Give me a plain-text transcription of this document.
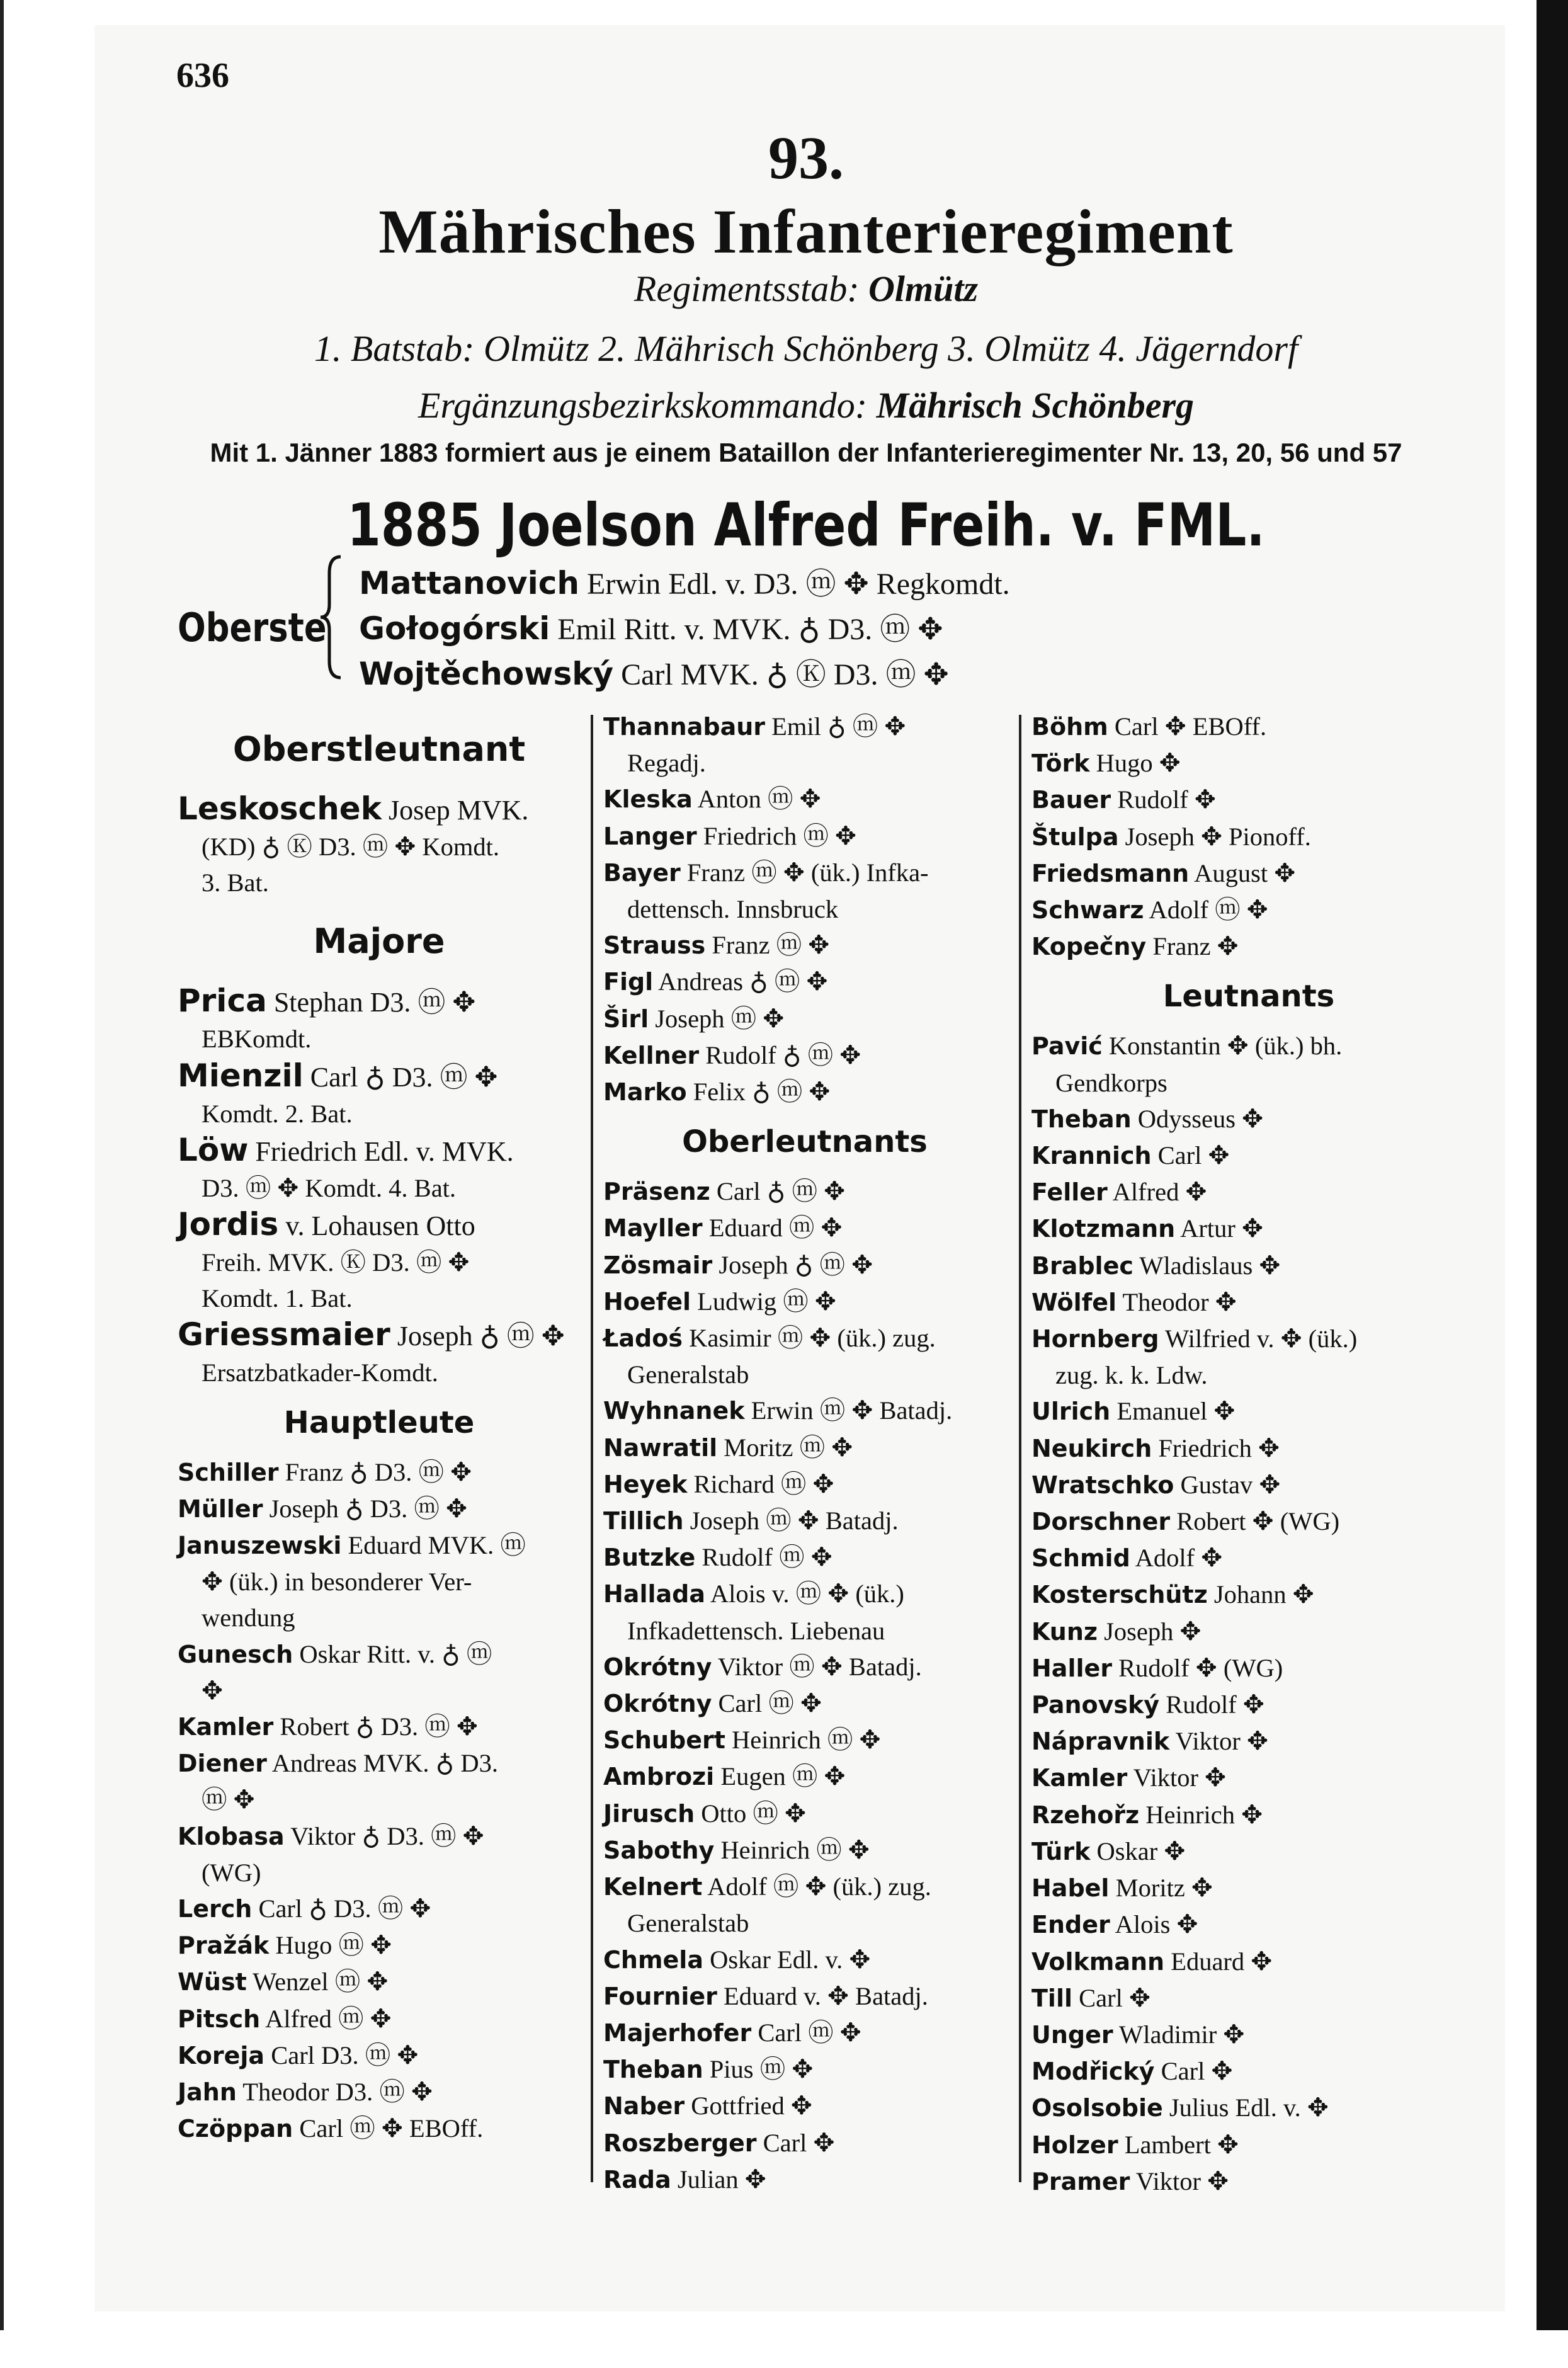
636
93.
Mährisches Infanterieregiment
Regimentsstab: Olmütz
1. Batstab: Olmütz 2. Mährisch Schönberg 3. Olmütz 4. Jägerndorf
Ergänzungsbezirkskommando: Mährisch Schönberg
Mit 1. Jänner 1883 formiert aus je einem Bataillon der Infanterieregimenter Nr. 13, 20, 56 und 57
1885 Joelson Alfred Freih. v. FML.
Oberste
Mattanovich Erwin Edl. v. D3. ⓜ ✥ Regkomdt.
Gołogórski Emil Ritt. v. MVK. ♁ D3. ⓜ ✥
Wojtěchowský Carl MVK. ♁ Ⓚ D3. ⓜ ✥
Oberstleutnant
Leskoschek Josep MVK.
(KD) ♁ Ⓚ D3. ⓜ ✥ Komdt.
3. Bat.
Majore
Prica Stephan D3. ⓜ ✥
EBKomdt.
Mienzil Carl ♁ D3. ⓜ ✥
Komdt. 2. Bat.
Löw Friedrich Edl. v. MVK.
D3. ⓜ ✥ Komdt. 4. Bat.
Jordis v. Lohausen Otto
Freih. MVK. Ⓚ D3. ⓜ ✥
Komdt. 1. Bat.
Griessmaier Joseph ♁ ⓜ ✥
Ersatzbatkader-Komdt.
Hauptleute
Schiller Franz ♁ D3. ⓜ ✥
Müller Joseph ♁ D3. ⓜ ✥
Januszewski Eduard MVK. ⓜ
✥ (ük.) in besonderer Ver-
wendung
Gunesch Oskar Ritt. v. ♁ ⓜ
✥
Kamler Robert ♁ D3. ⓜ ✥
Diener Andreas MVK. ♁ D3.
ⓜ ✥
Klobasa Viktor ♁ D3. ⓜ ✥
(WG)
Lerch Carl ♁ D3. ⓜ ✥
Pražák Hugo ⓜ ✥
Wüst Wenzel ⓜ ✥
Pitsch Alfred ⓜ ✥
Koreja Carl D3. ⓜ ✥
Jahn Theodor D3. ⓜ ✥
Czöppan Carl ⓜ ✥ EBOff.
Thannabaur Emil ♁ ⓜ ✥
Regadj.
Kleska Anton ⓜ ✥
Langer Friedrich ⓜ ✥
Bayer Franz ⓜ ✥ (ük.) Infka-
dettensch. Innsbruck
Strauss Franz ⓜ ✥
Figl Andreas ♁ ⓜ ✥
Širl Joseph ⓜ ✥
Kellner Rudolf ♁ ⓜ ✥
Marko Felix ♁ ⓜ ✥
Oberleutnants
Präsenz Carl ♁ ⓜ ✥
Mayller Eduard ⓜ ✥
Zösmair Joseph ♁ ⓜ ✥
Hoefel Ludwig ⓜ ✥
Ładoś Kasimir ⓜ ✥ (ük.) zug.
Generalstab
Wyhnanek Erwin ⓜ ✥ Batadj.
Nawratil Moritz ⓜ ✥
Heyek Richard ⓜ ✥
Tillich Joseph ⓜ ✥ Batadj.
Butzke Rudolf ⓜ ✥
Hallada Alois v. ⓜ ✥ (ük.)
Infkadettensch. Liebenau
Okrótny Viktor ⓜ ✥ Batadj.
Okrótny Carl ⓜ ✥
Schubert Heinrich ⓜ ✥
Ambrozi Eugen ⓜ ✥
Jirusch Otto ⓜ ✥
Sabothy Heinrich ⓜ ✥
Kelnert Adolf ⓜ ✥ (ük.) zug.
Generalstab
Chmela Oskar Edl. v. ✥
Fournier Eduard v. ✥ Batadj.
Majerhofer Carl ⓜ ✥
Theban Pius ⓜ ✥
Naber Gottfried ✥
Roszberger Carl ✥
Rada Julian ✥
Böhm Carl ✥ EBOff.
Törk Hugo ✥
Bauer Rudolf ✥
Štulpa Joseph ✥ Pionoff.
Friedsmann August ✥
Schwarz Adolf ⓜ ✥
Kopečny Franz ✥
Leutnants
Pavić Konstantin ✥ (ük.) bh.
Gendkorps
Theban Odysseus ✥
Krannich Carl ✥
Feller Alfred ✥
Klotzmann Artur ✥
Brablec Wladislaus ✥
Wölfel Theodor ✥
Hornberg Wilfried v. ✥ (ük.)
zug. k. k. Ldw.
Ulrich Emanuel ✥
Neukirch Friedrich ✥
Wratschko Gustav ✥
Dorschner Robert ✥ (WG)
Schmid Adolf ✥
Kosterschütz Johann ✥
Kunz Joseph ✥
Haller Rudolf ✥ (WG)
Panovský Rudolf ✥
Nápravnik Viktor ✥
Kamler Viktor ✥
Rzehořz Heinrich ✥
Türk Oskar ✥
Habel Moritz ✥
Ender Alois ✥
Volkmann Eduard ✥
Till Carl ✥
Unger Wladimir ✥
Modřický Carl ✥
Osolsobie Julius Edl. v. ✥
Holzer Lambert ✥
Pramer Viktor ✥
